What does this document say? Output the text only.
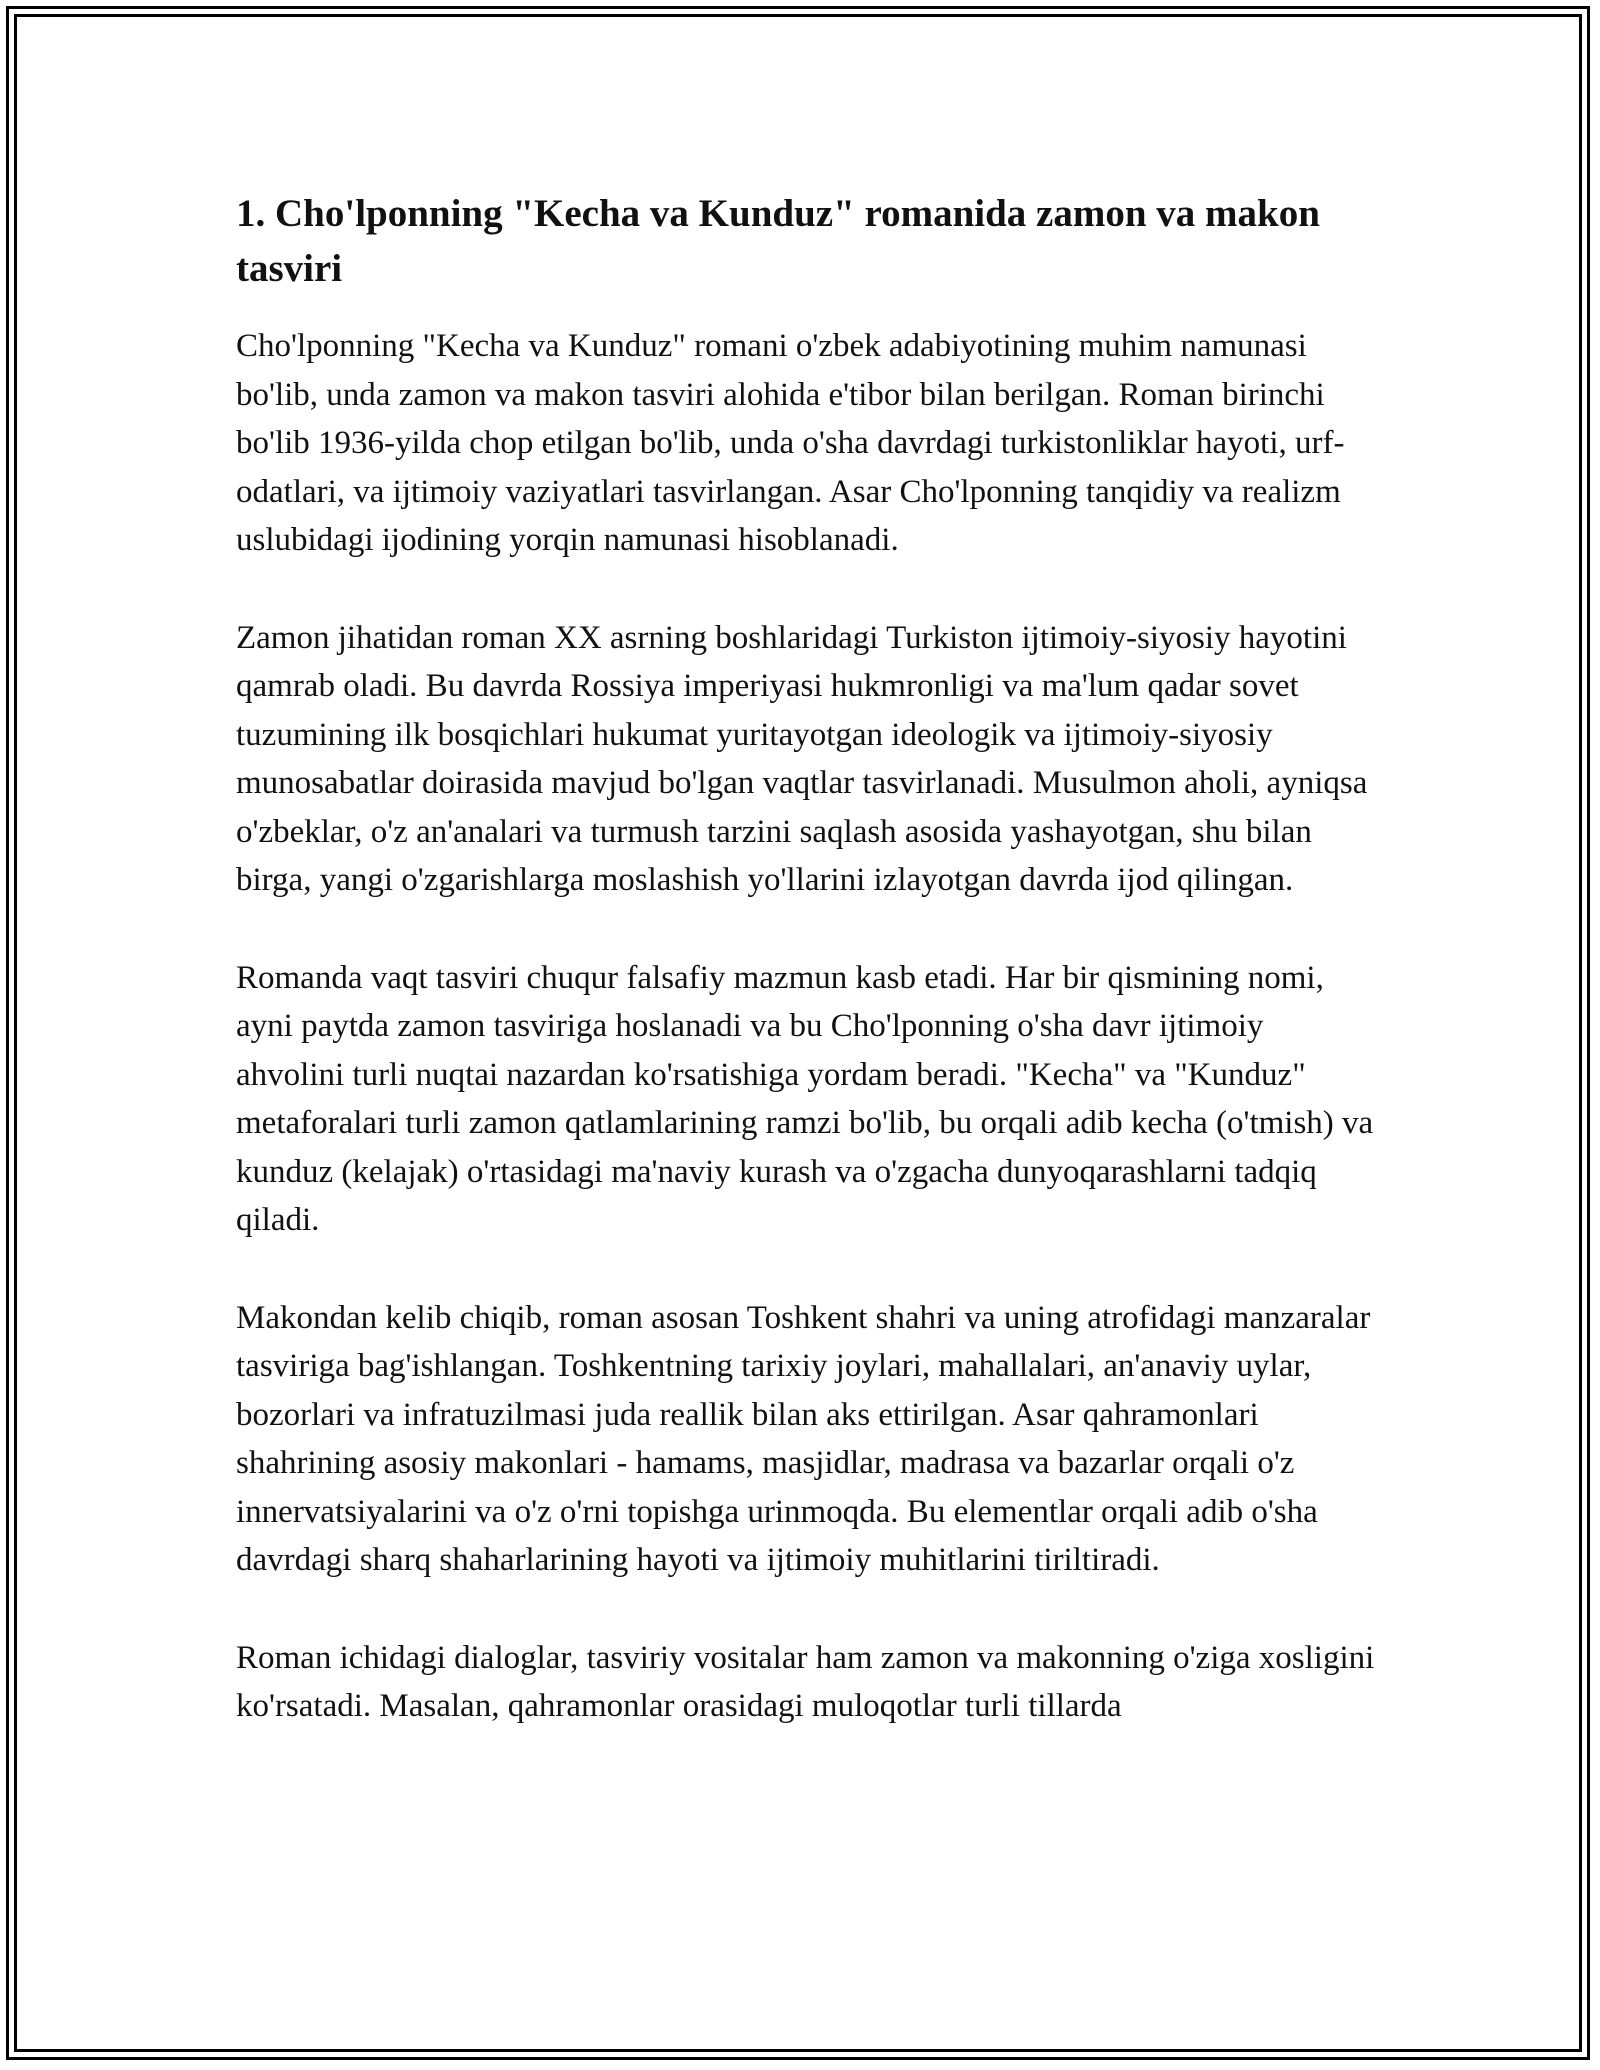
1. Cho'lponning "Kecha va Kunduz" romanida zamon va makon tasviri

Cho'lponning "Kecha va Kunduz" romani o'zbek adabiyotining muhim namunasi bo'lib, unda zamon va makon tasviri alohida e'tibor bilan berilgan. Roman birinchi bo'lib 1936-yilda chop etilgan bo'lib, unda o'sha davrdagi turkistonliklar hayoti, urf-odatlari, va ijtimoiy vaziyatlari tasvirlangan. Asar Cho'lponning tanqidiy va realizm uslubidagi ijodining yorqin namunasi hisoblanadi.

Zamon jihatidan roman XX asrning boshlaridagi Turkiston ijtimoiy-siyosiy hayotini qamrab oladi. Bu davrda Rossiya imperiyasi hukmronligi va ma'lum qadar sovet tuzumining ilk bosqichlari hukumat yuritayotgan ideologik va ijtimoiy-siyosiy munosabatlar doirasida mavjud bo'lgan vaqtlar tasvirlanadi. Musulmon aholi, ayniqsa o'zbeklar, o'z an'analari va turmush tarzini saqlash asosida yashayotgan, shu bilan birga, yangi o'zgarishlarga moslashish yo'llarini izlayotgan davrda ijod qilingan.

Romanda vaqt tasviri chuqur falsafiy mazmun kasb etadi. Har bir qismining nomi, ayni paytda zamon tasviriga hoslanadi va bu Cho'lponning o'sha davr ijtimoiy ahvolini turli nuqtai nazardan ko'rsatishiga yordam beradi. "Kecha" va "Kunduz" metaforalari turli zamon qatlamlarining ramzi bo'lib, bu orqali adib kecha (o'tmish) va kunduz (kelajak) o'rtasidagi ma'naviy kurash va o'zgacha dunyoqarashlarni tadqiq qiladi.

Makondan kelib chiqib, roman asosan Toshkent shahri va uning atrofidagi manzaralar tasviriga bag'ishlangan. Toshkentning tarixiy joylari, mahallalari, an'anaviy uylar, bozorlari va infratuzilmasi juda reallik bilan aks ettirilgan. Asar qahramonlari shahrining asosiy makonlari - hamams, masjidlar, madrasa va bazarlar orqali o'z innervatsiyalarini va o'z o'rni topishga urinmoqda. Bu elementlar orqali adib o'sha davrdagi sharq shaharlarining hayoti va ijtimoiy muhitlarini tiriltiradi.

Roman ichidagi dialoglar, tasviriy vositalar ham zamon va makonning o'ziga xosligini ko'rsatadi. Masalan, qahramonlar orasidagi muloqotlar turli tillarda
